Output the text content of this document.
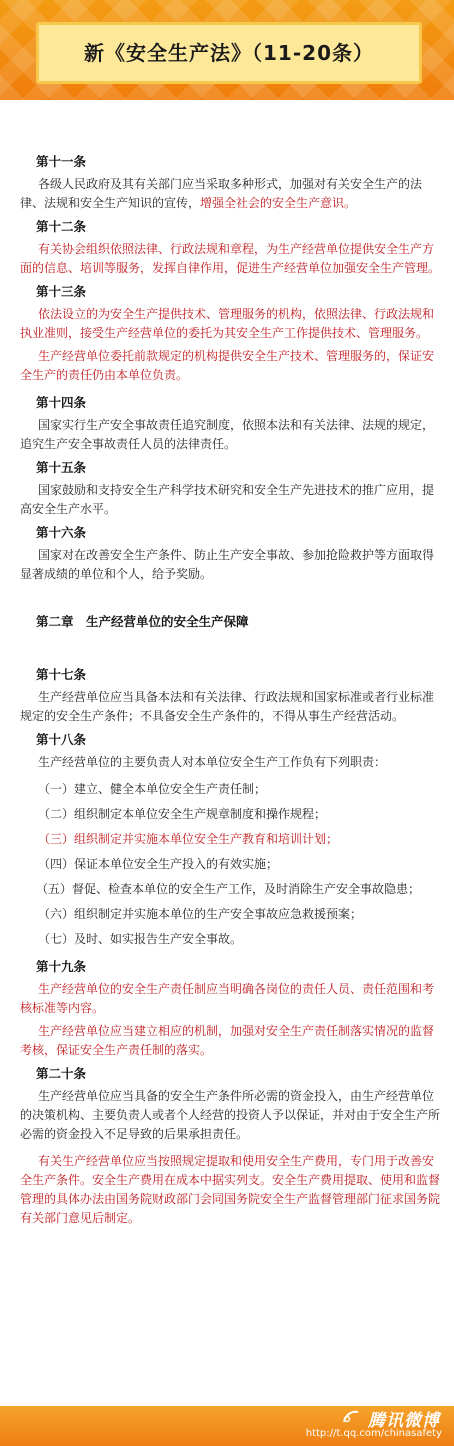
新《安全生产法》（11-20条）
第十一条
各级人民政府及其有关部门应当采取多种形式，加强对有关安全生产的法律、法规和安全生产知识的宣传，增强全社会的安全生产意识。
第十二条
有关协会组织依照法律、行政法规和章程，为生产经营单位提供安全生产方面的信息、培训等服务，发挥自律作用，促进生产经营单位加强安全生产管理。
第十三条
依法设立的为安全生产提供技术、管理服务的机构，依照法律、行政法规和执业准则，接受生产经营单位的委托为其安全生产工作提供技术、管理服务。
生产经营单位委托前款规定的机构提供安全生产技术、管理服务的，保证安全生产的责任仍由本单位负责。
第十四条
国家实行生产安全事故责任追究制度，依照本法和有关法律、法规的规定，追究生产安全事故责任人员的法律责任。
第十五条
国家鼓励和支持安全生产科学技术研究和安全生产先进技术的推广应用，提高安全生产水平。
第十六条
国家对在改善安全生产条件、防止生产安全事故、参加抢险救护等方面取得显著成绩的单位和个人，给予奖励。
第二章　生产经营单位的安全生产保障
第十七条
生产经营单位应当具备本法和有关法律、行政法规和国家标准或者行业标准规定的安全生产条件；不具备安全生产条件的，不得从事生产经营活动。
第十八条
生产经营单位的主要负责人对本单位安全生产工作负有下列职责：
（一）建立、健全本单位安全生产责任制；
（二）组织制定本单位安全生产规章制度和操作规程；
（三）组织制定并实施本单位安全生产教育和培训计划；
（四）保证本单位安全生产投入的有效实施；
（五）督促、检查本单位的安全生产工作，及时消除生产安全事故隐患；
（六）组织制定并实施本单位的生产安全事故应急救援预案；
（七）及时、如实报告生产安全事故。
第十九条
生产经营单位的安全生产责任制应当明确各岗位的责任人员、责任范围和考核标准等内容。
生产经营单位应当建立相应的机制，加强对安全生产责任制落实情况的监督考核，保证安全生产责任制的落实。
第二十条
生产经营单位应当具备的安全生产条件所必需的资金投入，由生产经营单位的决策机构、主要负责人或者个人经营的投资人予以保证，并对由于安全生产所必需的资金投入不足导致的后果承担责任。
有关生产经营单位应当按照规定提取和使用安全生产费用，专门用于改善安全生产条件。安全生产费用在成本中据实列支。安全生产费用提取、使用和监督管理的具体办法由国务院财政部门会同国务院安全生产监督管理部门征求国务院有关部门意见后制定。
腾讯微博
http://t.qq.com/chinasafety
